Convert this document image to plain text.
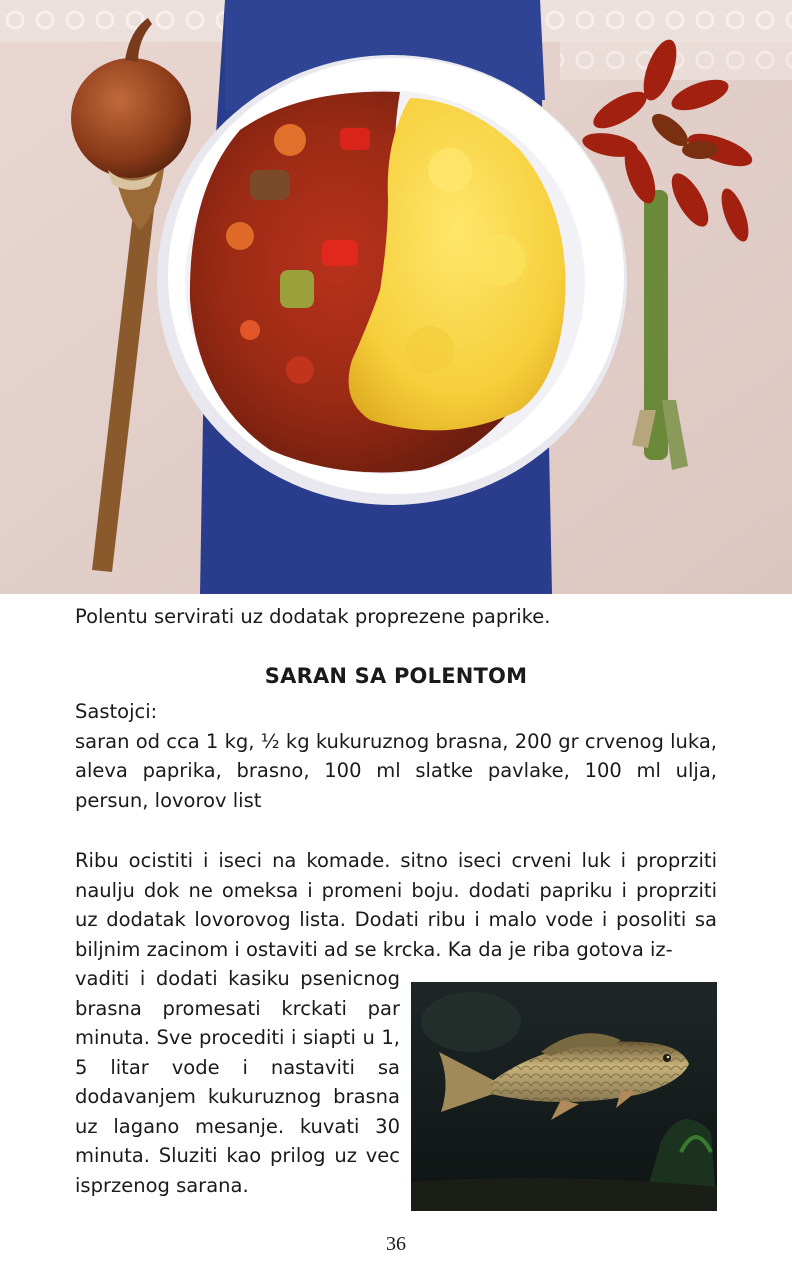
Polentu servirati uz dodatak proprezene paprike.
SARAN SA POLENTOM
Sastojci:
saran od cca 1 kg, ½ kg kukuruznog brasna, 200 gr crvenog luka, aleva paprika, brasno, 100 ml slatke pavlake, 100 ml ulja, persun, lovorov list
Ribu ocistiti i iseci na komade. sitno iseci crveni luk i proprziti naulju dok ne omeksa i promeni boju. dodati papriku i proprziti uz dodatak lovorovog lista. Dodati ribu i malo vode i posoliti sa biljnim zacinom i ostaviti ad se krcka. Ka da je riba gotova iz-
vaditi i dodati kasiku psenicnog brasna promesati krckati par minuta. Sve procediti i siapti u 1, 5 litar vode i nastaviti sa dodavanjem kukuruznog brasna uz lagano mesanje. kuvati 30 minuta. Sluziti kao prilog uz vec isprzenog sarana.
36
